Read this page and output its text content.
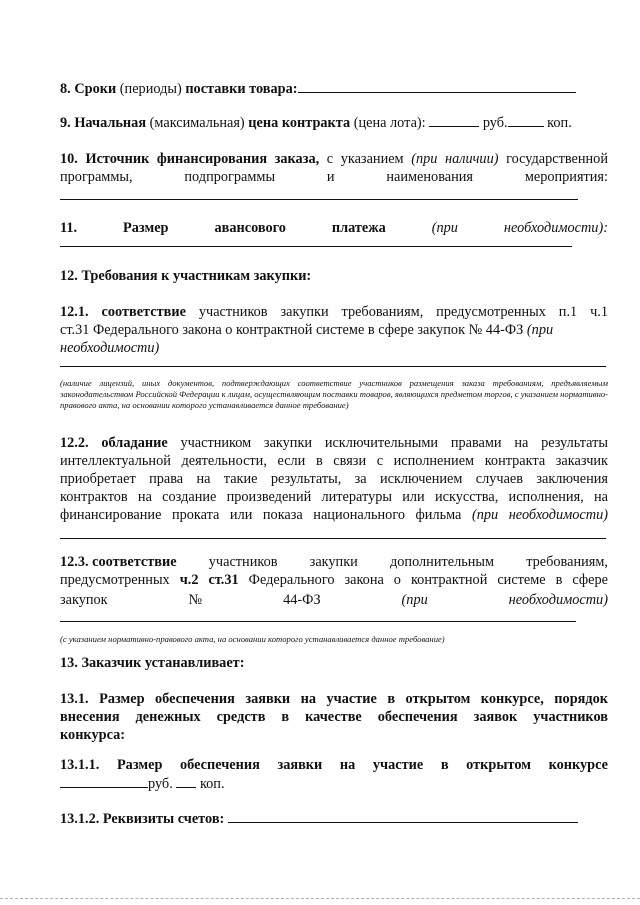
8. Сроки (периоды) поставки товара:

9. Начальная (максимальная) цена контракта (цена лота):	руб.	коп.

10. Источник финансирования заказа, с указанием (при наличии) государственной

программы,	подпрограммы	и	наименования	мероприятия:
11.	Размер	авансового	платежа	(при	необходимости):

12. Требования к участникам закупки:

12.1. соответствие участников закупки требованиям, предусмотренных п.1 ч.1

ст.31 Федерального закона о контрактной системе в сфере закупок № 44-ФЗ (при

необходимости)

(наличие лицензий, иных документов, подтверждающих соответствие участников размещения заказа требованиям, предъявляемым законодательством Российской Федерации к лицам, осуществляющим поставки товаров, являющихся предметом торгов, с указанием нормативно-правового акта, на основании которого устанавливается данное требование)

12.2. обладание участником закупки исключительными правами на результаты

интеллектуальной деятельности, если в связи с исполнением контракта заказчик

приобретает права на такие результаты, за исключением случаев заключения

контрактов на создание произведений литературы или искусства, исполнения, на

финансирование проката или показа национального фильма (при необходимости)

12.3. соответствие участников закупки дополнительным требованиям,

предусмотренных ч.2 ст.31 Федерального закона о контрактной системе в сфере

закупок	№	44-ФЗ	(при	необходимости)

(с указанием нормативно-правового акта, на основании которого устанавливается данное требование)

13. Заказчик устанавливает:

13.1. Размер обеспечения заявки на участие в открытом конкурсе, порядок

внесения денежных средств в качестве обеспечения заявок участников

конкурса:

13.1.1. Размер обеспечения заявки на участие в открытом конкурсе

руб. коп.

13.1.2. Реквизиты счетов:
